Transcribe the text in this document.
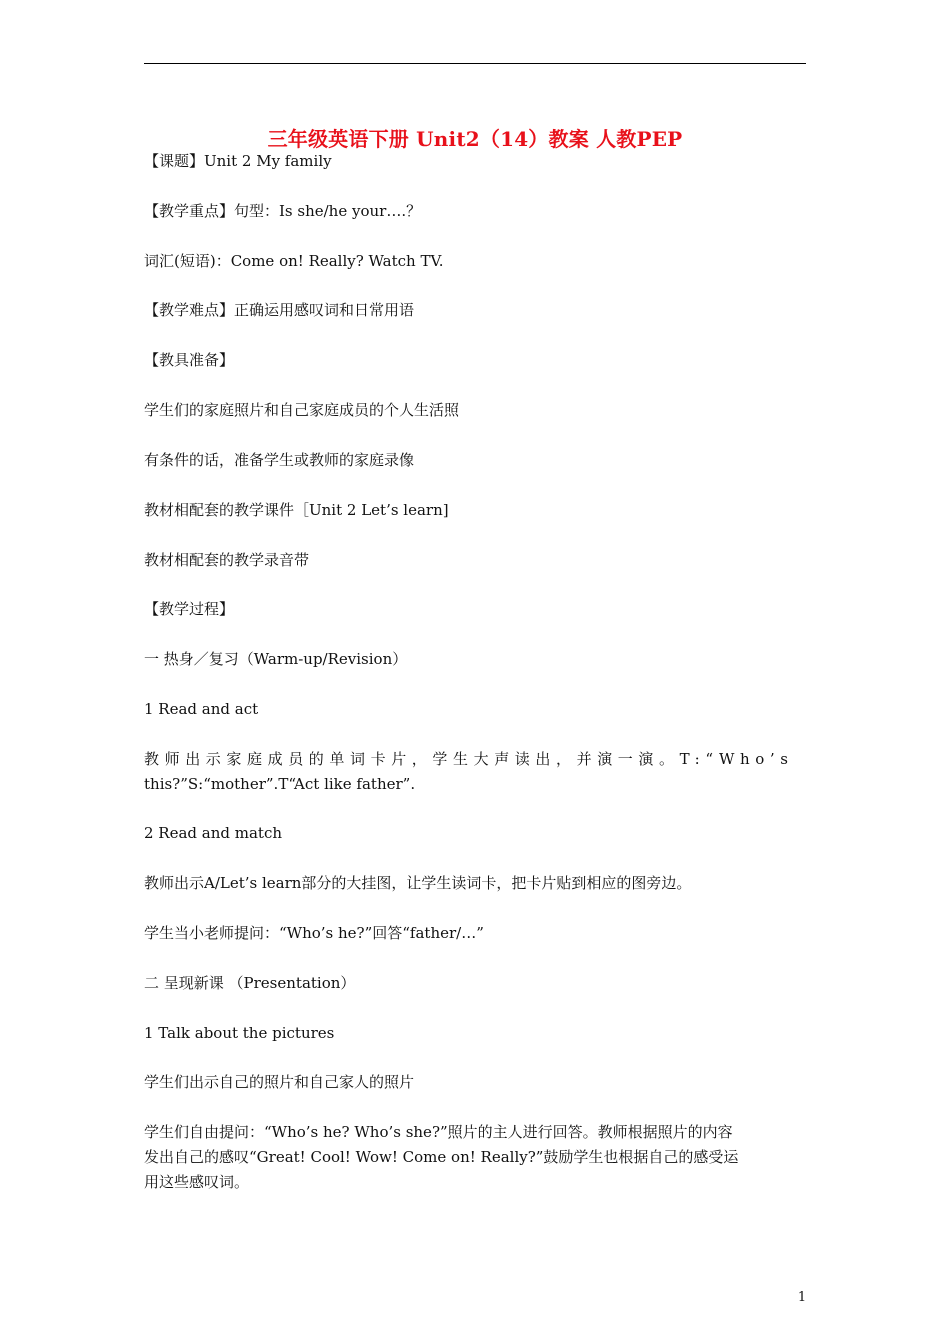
三年级英语下册 Unit2（14）教案 人教PEP
【课题】Unit 2 My family
【教学重点】句型：Is she/he your….？
词汇(短语)：Come on! Really? Watch TV.
【教学难点】正确运用感叹词和日常用语
【教具准备】
学生们的家庭照片和自己家庭成员的个人生活照
有条件的话，准备学生或教师的家庭录像
教材相配套的教学课件［Unit 2 Let’s learn]
教材相配套的教学录音带
【教学过程】
一 热身／复习（Warm-up/Revision）
1 Read and act
教师出示家庭成员的单词卡片，学生大声读出，并演一演。T:“Who’s
this?”S:“mother”.T“Act like father”.
2 Read and match
教师出示A/Let’s learn部分的大挂图，让学生读词卡，把卡片贴到相应的图旁边。
学生当小老师提问：“Who’s he?”回答“father/…”
二 呈现新课 （Presentation）
1 Talk about the pictures
学生们出示自己的照片和自己家人的照片
学生们自由提问：“Who’s he? Who’s she?”照片的主人进行回答。教师根据照片的内容
发出自己的感叹“Great! Cool! Wow! Come on! Really?”鼓励学生也根据自己的感受运
用这些感叹词。
1
